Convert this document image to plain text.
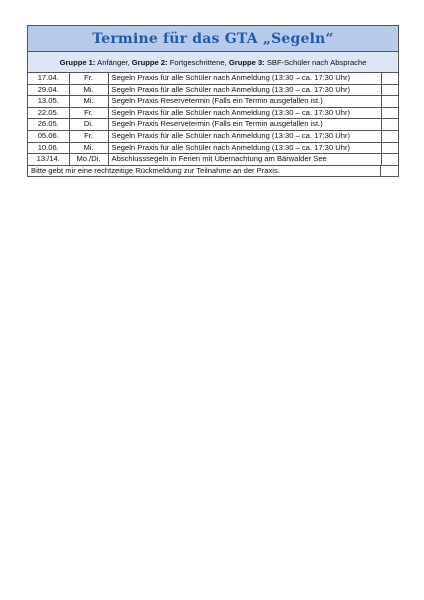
Termine für das GTA „Segeln“
Gruppe 1: Anfänger, Gruppe 2: Fortgeschrittene, Gruppe 3: SBF-Schüler nach Absprache
17.04.	Fr.	Segeln Praxis für alle Schüler nach Anmeldung (13:30 – ca. 17:30 Uhr)	
29.04.	Mi.	Segeln Praxis für alle Schüler nach Anmeldung (13:30 – ca. 17:30 Uhr)	
13.05.	Mi.	Segeln Praxis Reservetermin (Falls ein Termin ausgefallen ist.)	
22.05.	Fr.	Segeln Praxis für alle Schüler nach Anmeldung (13:30 – ca. 17:30 Uhr)	
26.05.	Di.	Segeln Praxis Reservetermin (Falls ein Termin ausgefallen ist.)	
05.06.	Fr.	Segeln Praxis für alle Schüler nach Anmeldung (13:30 – ca. 17:30 Uhr)	
10.06.	Mi.	Segeln Praxis für alle Schüler nach Anmeldung (13:30 – ca. 17:30 Uhr)	
13./14.	Mo./Di.	Abschlusssegeln in Ferien mit Übernachtung am Bärwalder See	
Bitte gebt mir eine rechtzeitige Rückmeldung zur Teilnahme an der Praxis.
